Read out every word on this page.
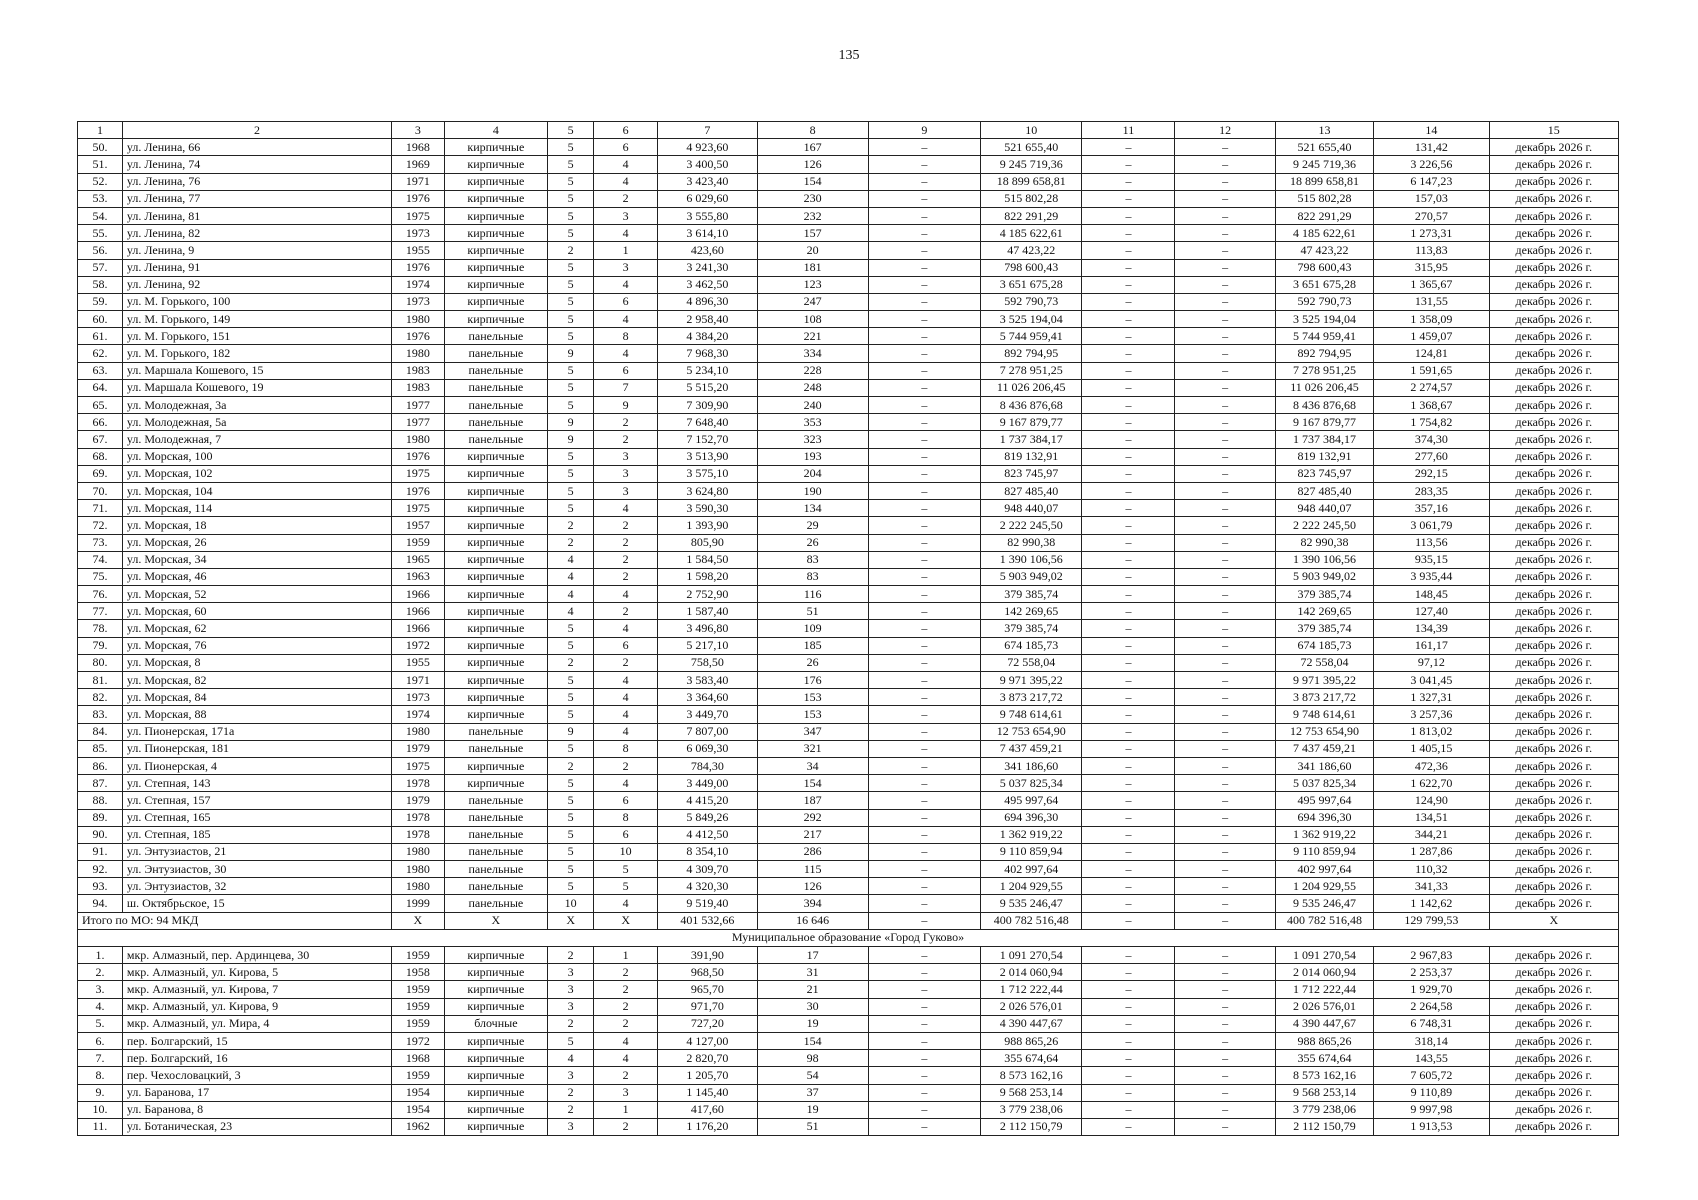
135
1	2	3	4	5	6	7	8	9	10	11	12	13	14	15
50.	ул. Ленина, 66	1968	кирпичные	5	6	4 923,60	167	–	521 655,40	–	–	521 655,40	131,42	декабрь 2026 г.
51.	ул. Ленина, 74	1969	кирпичные	5	4	3 400,50	126	–	9 245 719,36	–	–	9 245 719,36	3 226,56	декабрь 2026 г.
52.	ул. Ленина, 76	1971	кирпичные	5	4	3 423,40	154	–	18 899 658,81	–	–	18 899 658,81	6 147,23	декабрь 2026 г.
53.	ул. Ленина, 77	1976	кирпичные	5	2	6 029,60	230	–	515 802,28	–	–	515 802,28	157,03	декабрь 2026 г.
54.	ул. Ленина, 81	1975	кирпичные	5	3	3 555,80	232	–	822 291,29	–	–	822 291,29	270,57	декабрь 2026 г.
55.	ул. Ленина, 82	1973	кирпичные	5	4	3 614,10	157	–	4 185 622,61	–	–	4 185 622,61	1 273,31	декабрь 2026 г.
56.	ул. Ленина, 9	1955	кирпичные	2	1	423,60	20	–	47 423,22	–	–	47 423,22	113,83	декабрь 2026 г.
57.	ул. Ленина, 91	1976	кирпичные	5	3	3 241,30	181	–	798 600,43	–	–	798 600,43	315,95	декабрь 2026 г.
58.	ул. Ленина, 92	1974	кирпичные	5	4	3 462,50	123	–	3 651 675,28	–	–	3 651 675,28	1 365,67	декабрь 2026 г.
59.	ул. М. Горького, 100	1973	кирпичные	5	6	4 896,30	247	–	592 790,73	–	–	592 790,73	131,55	декабрь 2026 г.
60.	ул. М. Горького, 149	1980	кирпичные	5	4	2 958,40	108	–	3 525 194,04	–	–	3 525 194,04	1 358,09	декабрь 2026 г.
61.	ул. М. Горького, 151	1976	панельные	5	8	4 384,20	221	–	5 744 959,41	–	–	5 744 959,41	1 459,07	декабрь 2026 г.
62.	ул. М. Горького, 182	1980	панельные	9	4	7 968,30	334	–	892 794,95	–	–	892 794,95	124,81	декабрь 2026 г.
63.	ул. Маршала Кошевого, 15	1983	панельные	5	6	5 234,10	228	–	7 278 951,25	–	–	7 278 951,25	1 591,65	декабрь 2026 г.
64.	ул. Маршала Кошевого, 19	1983	панельные	5	7	5 515,20	248	–	11 026 206,45	–	–	11 026 206,45	2 274,57	декабрь 2026 г.
65.	ул. Молодежная, 3а	1977	панельные	5	9	7 309,90	240	–	8 436 876,68	–	–	8 436 876,68	1 368,67	декабрь 2026 г.
66.	ул. Молодежная, 5а	1977	панельные	9	2	7 648,40	353	–	9 167 879,77	–	–	9 167 879,77	1 754,82	декабрь 2026 г.
67.	ул. Молодежная, 7	1980	панельные	9	2	7 152,70	323	–	1 737 384,17	–	–	1 737 384,17	374,30	декабрь 2026 г.
68.	ул. Морская, 100	1976	кирпичные	5	3	3 513,90	193	–	819 132,91	–	–	819 132,91	277,60	декабрь 2026 г.
69.	ул. Морская, 102	1975	кирпичные	5	3	3 575,10	204	–	823 745,97	–	–	823 745,97	292,15	декабрь 2026 г.
70.	ул. Морская, 104	1976	кирпичные	5	3	3 624,80	190	–	827 485,40	–	–	827 485,40	283,35	декабрь 2026 г.
71.	ул. Морская, 114	1975	кирпичные	5	4	3 590,30	134	–	948 440,07	–	–	948 440,07	357,16	декабрь 2026 г.
72.	ул. Морская, 18	1957	кирпичные	2	2	1 393,90	29	–	2 222 245,50	–	–	2 222 245,50	3 061,79	декабрь 2026 г.
73.	ул. Морская, 26	1959	кирпичные	2	2	805,90	26	–	82 990,38	–	–	82 990,38	113,56	декабрь 2026 г.
74.	ул. Морская, 34	1965	кирпичные	4	2	1 584,50	83	–	1 390 106,56	–	–	1 390 106,56	935,15	декабрь 2026 г.
75.	ул. Морская, 46	1963	кирпичные	4	2	1 598,20	83	–	5 903 949,02	–	–	5 903 949,02	3 935,44	декабрь 2026 г.
76.	ул. Морская, 52	1966	кирпичные	4	4	2 752,90	116	–	379 385,74	–	–	379 385,74	148,45	декабрь 2026 г.
77.	ул. Морская, 60	1966	кирпичные	4	2	1 587,40	51	–	142 269,65	–	–	142 269,65	127,40	декабрь 2026 г.
78.	ул. Морская, 62	1966	кирпичные	5	4	3 496,80	109	–	379 385,74	–	–	379 385,74	134,39	декабрь 2026 г.
79.	ул. Морская, 76	1972	кирпичные	5	6	5 217,10	185	–	674 185,73	–	–	674 185,73	161,17	декабрь 2026 г.
80.	ул. Морская, 8	1955	кирпичные	2	2	758,50	26	–	72 558,04	–	–	72 558,04	97,12	декабрь 2026 г.
81.	ул. Морская, 82	1971	кирпичные	5	4	3 583,40	176	–	9 971 395,22	–	–	9 971 395,22	3 041,45	декабрь 2026 г.
82.	ул. Морская, 84	1973	кирпичные	5	4	3 364,60	153	–	3 873 217,72	–	–	3 873 217,72	1 327,31	декабрь 2026 г.
83.	ул. Морская, 88	1974	кирпичные	5	4	3 449,70	153	–	9 748 614,61	–	–	9 748 614,61	3 257,36	декабрь 2026 г.
84.	ул. Пионерская, 171а	1980	панельные	9	4	7 807,00	347	–	12 753 654,90	–	–	12 753 654,90	1 813,02	декабрь 2026 г.
85.	ул. Пионерская, 181	1979	панельные	5	8	6 069,30	321	–	7 437 459,21	–	–	7 437 459,21	1 405,15	декабрь 2026 г.
86.	ул. Пионерская, 4	1975	кирпичные	2	2	784,30	34	–	341 186,60	–	–	341 186,60	472,36	декабрь 2026 г.
87.	ул. Степная, 143	1978	кирпичные	5	4	3 449,00	154	–	5 037 825,34	–	–	5 037 825,34	1 622,70	декабрь 2026 г.
88.	ул. Степная, 157	1979	панельные	5	6	4 415,20	187	–	495 997,64	–	–	495 997,64	124,90	декабрь 2026 г.
89.	ул. Степная, 165	1978	панельные	5	8	5 849,26	292	–	694 396,30	–	–	694 396,30	134,51	декабрь 2026 г.
90.	ул. Степная, 185	1978	панельные	5	6	4 412,50	217	–	1 362 919,22	–	–	1 362 919,22	344,21	декабрь 2026 г.
91.	ул. Энтузиастов, 21	1980	панельные	5	10	8 354,10	286	–	9 110 859,94	–	–	9 110 859,94	1 287,86	декабрь 2026 г.
92.	ул. Энтузиастов, 30	1980	панельные	5	5	4 309,70	115	–	402 997,64	–	–	402 997,64	110,32	декабрь 2026 г.
93.	ул. Энтузиастов, 32	1980	панельные	5	5	4 320,30	126	–	1 204 929,55	–	–	1 204 929,55	341,33	декабрь 2026 г.
94.	ш. Октябрьское, 15	1999	панельные	10	4	9 519,40	394	–	9 535 246,47	–	–	9 535 246,47	1 142,62	декабрь 2026 г.
Итого по МО: 94 МКД		X	X	X	X	401 532,66	16 646	–	400 782 516,48	–	–	400 782 516,48	129 799,53	X
Муниципальное образование «Город Гуково»														
1.	мкр. Алмазный, пер. Ардинцева, 30	1959	кирпичные	2	1	391,90	17	–	1 091 270,54	–	–	1 091 270,54	2 967,83	декабрь 2026 г.
2.	мкр. Алмазный, ул. Кирова, 5	1958	кирпичные	3	2	968,50	31	–	2 014 060,94	–	–	2 014 060,94	2 253,37	декабрь 2026 г.
3.	мкр. Алмазный, ул. Кирова, 7	1959	кирпичные	3	2	965,70	21	–	1 712 222,44	–	–	1 712 222,44	1 929,70	декабрь 2026 г.
4.	мкр. Алмазный, ул. Кирова, 9	1959	кирпичные	3	2	971,70	30	–	2 026 576,01	–	–	2 026 576,01	2 264,58	декабрь 2026 г.
5.	мкр. Алмазный, ул. Мира, 4	1959	блочные	2	2	727,20	19	–	4 390 447,67	–	–	4 390 447,67	6 748,31	декабрь 2026 г.
6.	пер. Болгарский, 15	1972	кирпичные	5	4	4 127,00	154	–	988 865,26	–	–	988 865,26	318,14	декабрь 2026 г.
7.	пер. Болгарский, 16	1968	кирпичные	4	4	2 820,70	98	–	355 674,64	–	–	355 674,64	143,55	декабрь 2026 г.
8.	пер. Чехословацкий, 3	1959	кирпичные	3	2	1 205,70	54	–	8 573 162,16	–	–	8 573 162,16	7 605,72	декабрь 2026 г.
9.	ул. Баранова, 17	1954	кирпичные	2	3	1 145,40	37	–	9 568 253,14	–	–	9 568 253,14	9 110,89	декабрь 2026 г.
10.	ул. Баранова, 8	1954	кирпичные	2	1	417,60	19	–	3 779 238,06	–	–	3 779 238,06	9 997,98	декабрь 2026 г.
11.	ул. Ботаническая, 23	1962	кирпичные	3	2	1 176,20	51	–	2 112 150,79	–	–	2 112 150,79	1 913,53	декабрь 2026 г.
